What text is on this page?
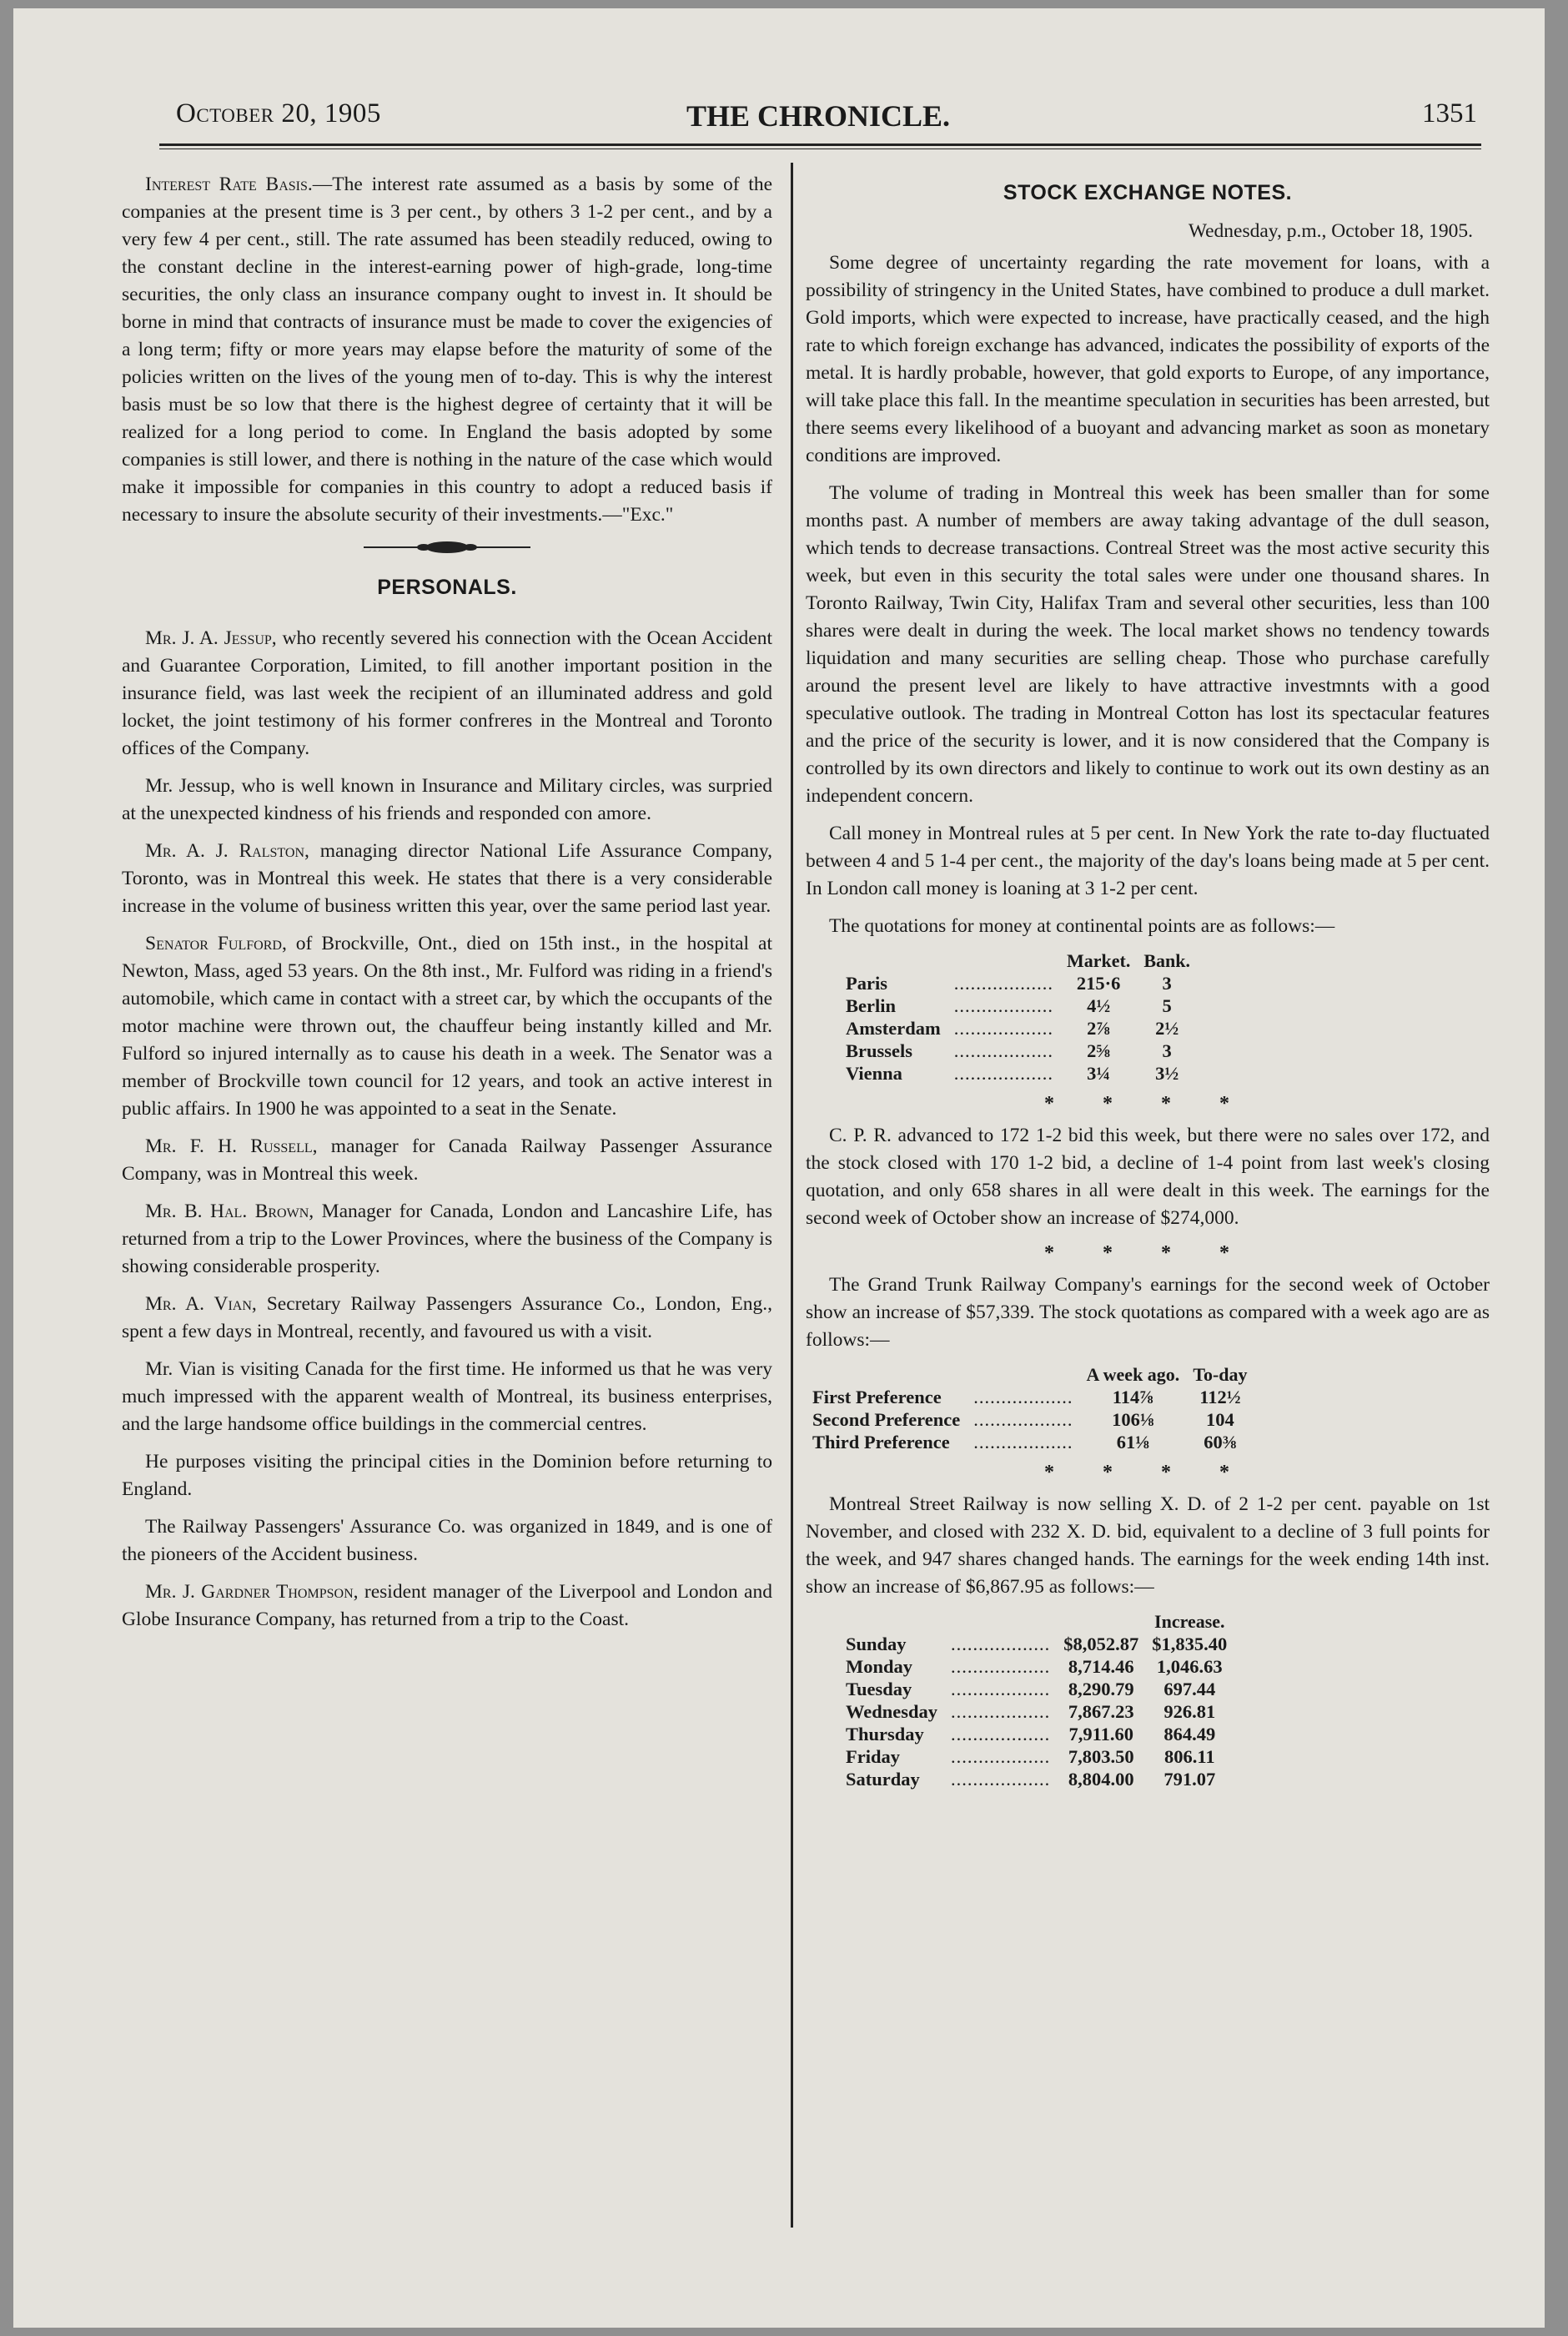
October 20, 1905	THE CHRONICLE.	1351

Interest Rate Basis.—The interest rate assumed as a basis by some of the companies at the present time is 3 per cent., by others 3 1-2 per cent., and by a very few 4 per cent., still. The rate assumed has been steadily reduced, owing to the constant decline in the interest-earning power of high-grade, long-time securities, the only class an insurance company ought to invest in. It should be borne in mind that contracts of insurance must be made to cover the exigencies of a long term; fifty or more years may elapse before the maturity of some of the policies written on the lives of the young men of to-day. This is why the interest basis must be so low that there is the highest degree of certainty that it will be realized for a long period to come. In England the basis adopted by some companies is still lower, and there is nothing in the nature of the case which would make it impossible for companies in this country to adopt a reduced basis if necessary to insure the absolute security of their investments.—"Exc."

PERSONALS.

Mr. J. A. Jessup, who recently severed his connection with the Ocean Accident and Guarantee Corporation, Limited, to fill another important position in the insurance field, was last week the recipient of an illuminated address and gold locket, the joint testimony of his former confreres in the Montreal and Toronto offices of the Company.

Mr. Jessup, who is well known in Insurance and Military circles, was surpried at the unexpected kindness of his friends and responded con amore.

Mr. A. J. Ralston, managing director National Life Assurance Company, Toronto, was in Montreal this week. He states that there is a very considerable increase in the volume of business written this year, over the same period last year.

Senator Fulford, of Brockville, Ont., died on 15th inst., in the hospital at Newton, Mass, aged 53 years. On the 8th inst., Mr. Fulford was riding in a friend's automobile, which came in contact with a street car, by which the occupants of the motor machine were thrown out, the chauffeur being instantly killed and Mr. Fulford so injured internally as to cause his death in a week. The Senator was a member of Brockville town council for 12 years, and took an active interest in public affairs. In 1900 he was appointed to a seat in the Senate.

Mr. F. H. Russell, manager for Canada Railway Passenger Assurance Company, was in Montreal this week.

Mr. B. Hal. Brown, Manager for Canada, London and Lancashire Life, has returned from a trip to the Lower Provinces, where the business of the Company is showing considerable prosperity.

Mr. A. Vian, Secretary Railway Passengers Assurance Co., London, Eng., spent a few days in Montreal, recently, and favoured us with a visit.

Mr. Vian is visiting Canada for the first time. He informed us that he was very much impressed with the apparent wealth of Montreal, its business enterprises, and the large handsome office buildings in the commercial centres.

He purposes visiting the principal cities in the Dominion before returning to England.

The Railway Passengers' Assurance Co. was organized in 1849, and is one of the pioneers of the Accident business.

Mr. J. Gardner Thompson, resident manager of the Liverpool and London and Globe Insurance Company, has returned from a trip to the Coast.

STOCK EXCHANGE NOTES.
Wednesday, p.m., October 18, 1905.

Some degree of uncertainty regarding the rate movement for loans, with a possibility of stringency in the United States, have combined to produce a dull market. Gold imports, which were expected to increase, have practically ceased, and the high rate to which foreign exchange has advanced, indicates the possibility of exports of the metal. It is hardly probable, however, that gold exports to Europe, of any importance, will take place this fall. In the meantime speculation in securities has been arrested, but there seems every likelihood of a buoyant and advancing market as soon as monetary conditions are improved.

The volume of trading in Montreal this week has been smaller than for some months past. A number of members are away taking advantage of the dull season, which tends to decrease transactions. Contreal Street was the most active security this week, but even in this security the total sales were under one thousand shares. In Toronto Railway, Twin City, Halifax Tram and several other securities, less than 100 shares were dealt in during the week. The local market shows no tendency towards liquidation and many securities are selling cheap. Those who purchase carefully around the present level are likely to have attractive investmnts with a good speculative outlook. The trading in Montreal Cotton has lost its spectacular features and the price of the security is lower, and it is now considered that the Company is controlled by its own directors and likely to continue to work out its own destiny as an independent concern.

Call money in Montreal rules at 5 per cent. In New York the rate to-day fluctuated between 4 and 5 1-4 per cent., the majority of the day's loans being made at 5 per cent. In London call money is loaning at 3 1-2 per cent.

The quotations for money at continental points are as follows:—

		Market.	Bank.
Paris	..................	215·6	3
Berlin	..................	4½	5
Amsterdam	..................	2⅞	2½
Brussels	..................	2⅝	3
Vienna	..................	3¼	3½
* * * *

C. P. R. advanced to 172 1-2 bid this week, but there were no sales over 172, and the stock closed with 170 1-2 bid, a decline of 1-4 point from last week's closing quotation, and only 658 shares in all were dealt in this week. The earnings for the second week of October show an increase of $274,000.

* * * *

The Grand Trunk Railway Company's earnings for the second week of October show an increase of $57,339. The stock quotations as compared with a week ago are as follows:—

		A week ago.	To-day
First Preference	..................	114⅞	112½
Second Preference	..................	106⅛	104
Third Preference	..................	61⅛	60⅜
* * * *

Montreal Street Railway is now selling X. D. of 2 1-2 per cent. payable on 1st November, and closed with 232 X. D. bid, equivalent to a decline of 3 full points for the week, and 947 shares changed hands. The earnings for the week ending 14th inst. show an increase of $6,867.95 as follows:—

			Increase.
Sunday	..................	$8,052.87	$1,835.40
Monday	..................	8,714.46	1,046.63
Tuesday	..................	8,290.79	697.44
Wednesday	..................	7,867.23	926.81
Thursday	..................	7,911.60	864.49
Friday	..................	7,803.50	806.11
Saturday	..................	8,804.00	791.07
